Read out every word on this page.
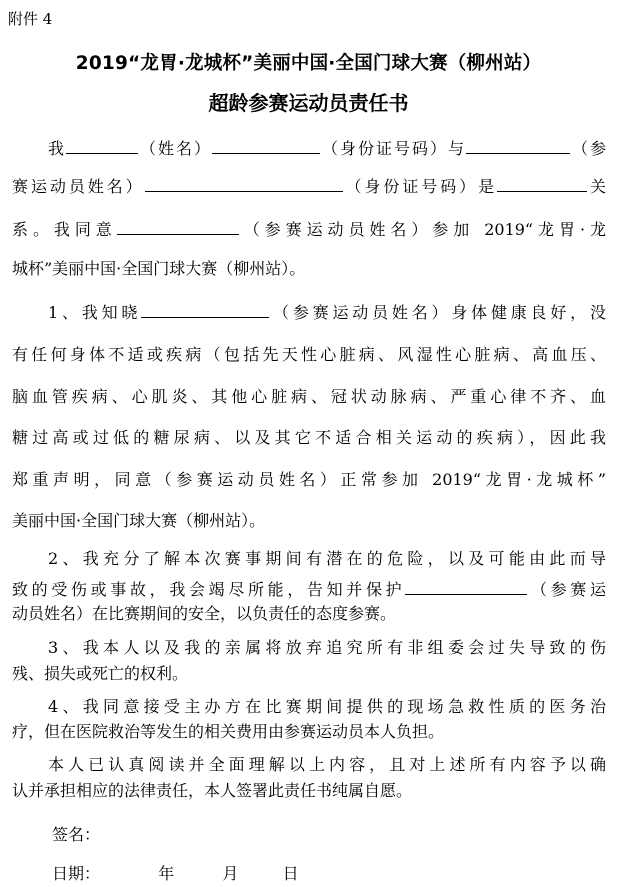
附件 4
2019“龙胃·龙城杯”美丽中国·全国门球大赛（柳州站）
超龄参赛运动员责任书
我	（姓名）	（身份证号码）与	（参
赛运动员姓名）	（身份证号码）是	关
系。我同意	（参赛运动员姓名）参加 2019“龙胃·龙
城杯”美丽中国·全国门球大赛（柳州站）。
1、我知晓	（参赛运动员姓名）身体健康良好，没
有任何身体不适或疾病（包括先天性心脏病、风湿性心脏病、高血压、
脑血管疾病、心肌炎、其他心脏病、冠状动脉病、严重心律不齐、血
糖过高或过低的糖尿病、以及其它不适合相关运动的疾病），因此我
郑重声明，同意（参赛运动员姓名）正常参加 2019“龙胃·龙城杯”
美丽中国·全国门球大赛（柳州站）。
2、我充分了解本次赛事期间有潜在的危险，以及可能由此而导
致的受伤或事故，我会竭尽所能，告知并保护	（参赛运
动员姓名）在比赛期间的安全，以负责任的态度参赛。
3、我本人以及我的亲属将放弃追究所有非组委会过失导致的伤
残、损失或死亡的权利。
4、我同意接受主办方在比赛期间提供的现场急救性质的医务治
疗，但在医院救治等发生的相关费用由参赛运动员本人负担。
本人已认真阅读并全面理解以上内容，且对上述所有内容予以确
认并承担相应的法律责任，本人签署此责任书纯属自愿。
签名：
日期：	年	月	日
